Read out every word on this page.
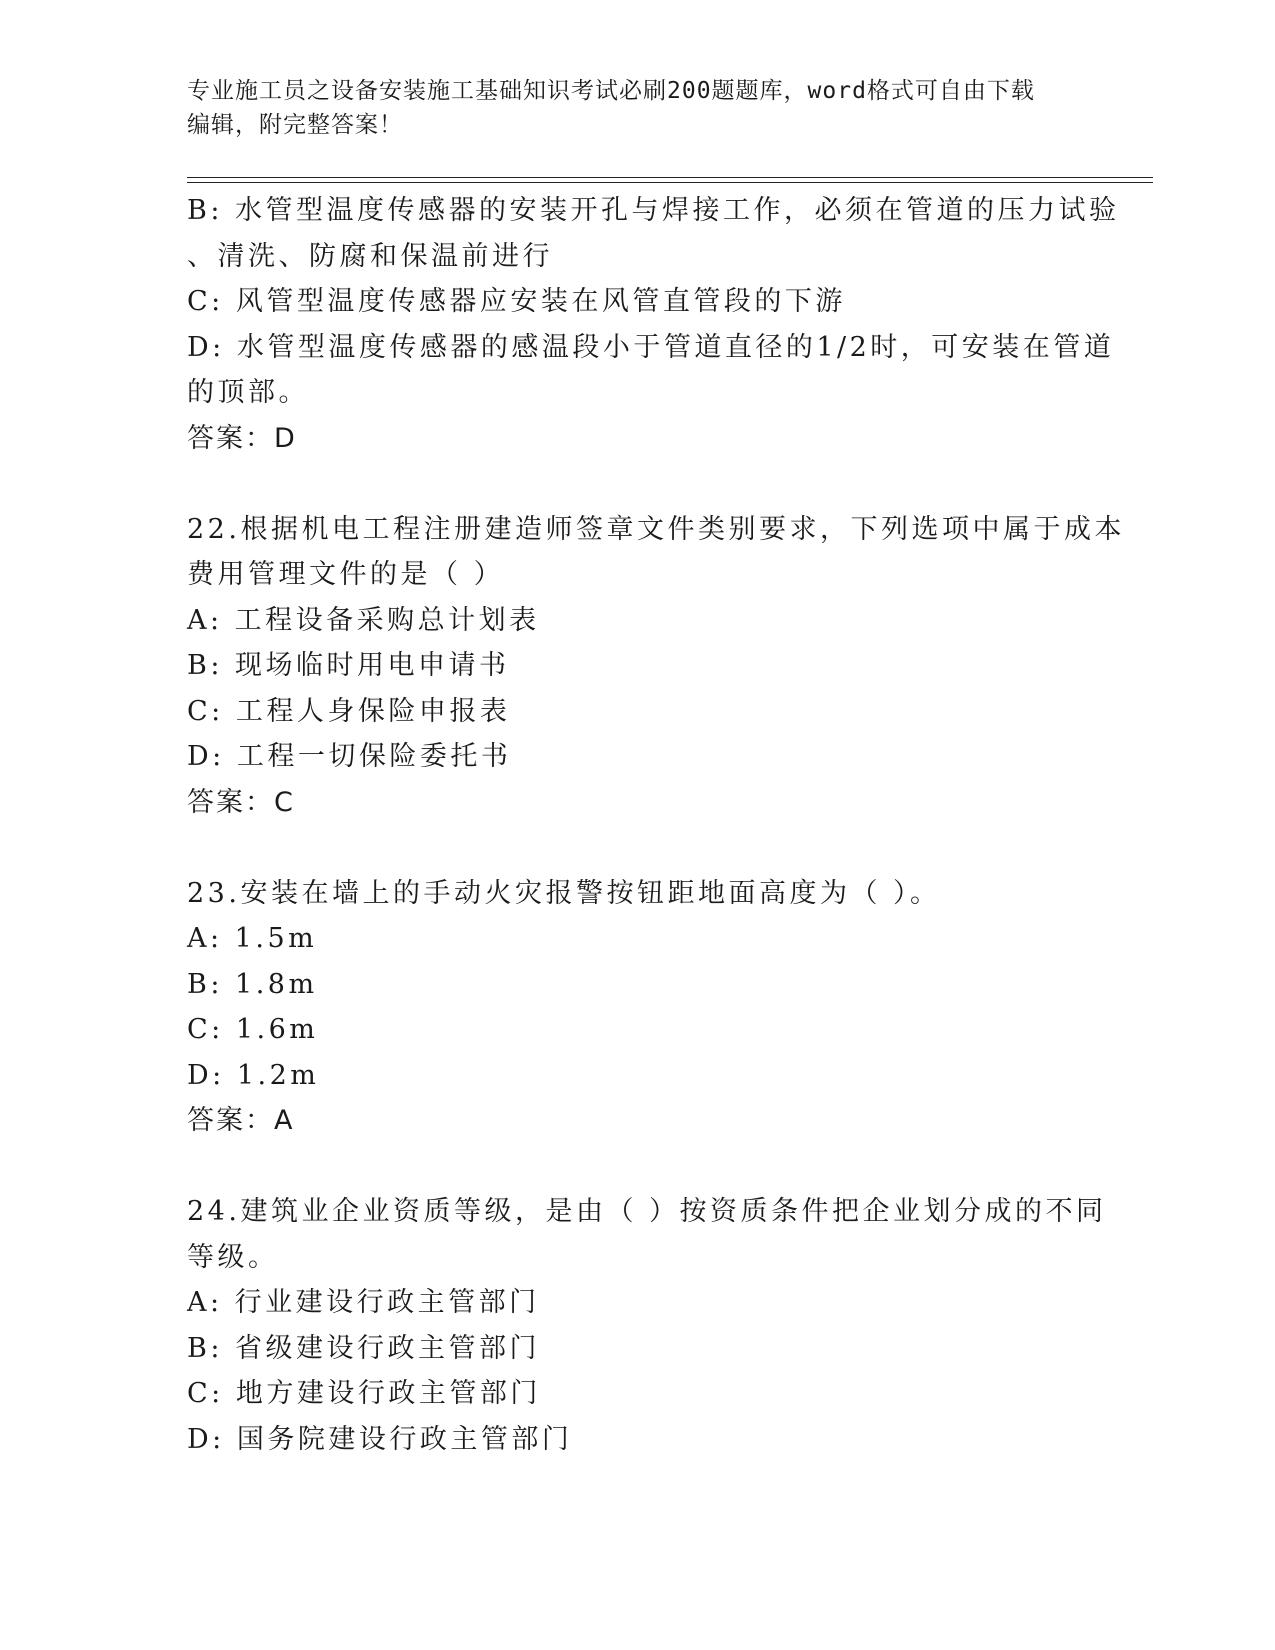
专业施工员之设备安装施工基础知识考试必刷200题题库，word格式可自由下载
编辑，附完整答案！
B: 水管型温度传感器的安装开孔与焊接工作，必须在管道的压力试验
、清洗、防腐和保温前进行
C: 风管型温度传感器应安装在风管直管段的下游
D: 水管型温度传感器的感温段小于管道直径的1/2时，可安装在管道
的顶部。
答案：D
22.根据机电工程注册建造师签章文件类别要求，下列选项中属于成本
费用管理文件的是（ ）
A: 工程设备采购总计划表
B: 现场临时用电申请书
C: 工程人身保险申报表
D: 工程一切保险委托书
答案：C
23.安装在墙上的手动火灾报警按钮距地面高度为（ ）。
A: 1.5m
B: 1.8m
C: 1.6m
D: 1.2m
答案：A
24.建筑业企业资质等级，是由（ ）按资质条件把企业划分成的不同
等级。
A: 行业建设行政主管部门
B: 省级建设行政主管部门
C: 地方建设行政主管部门
D: 国务院建设行政主管部门
